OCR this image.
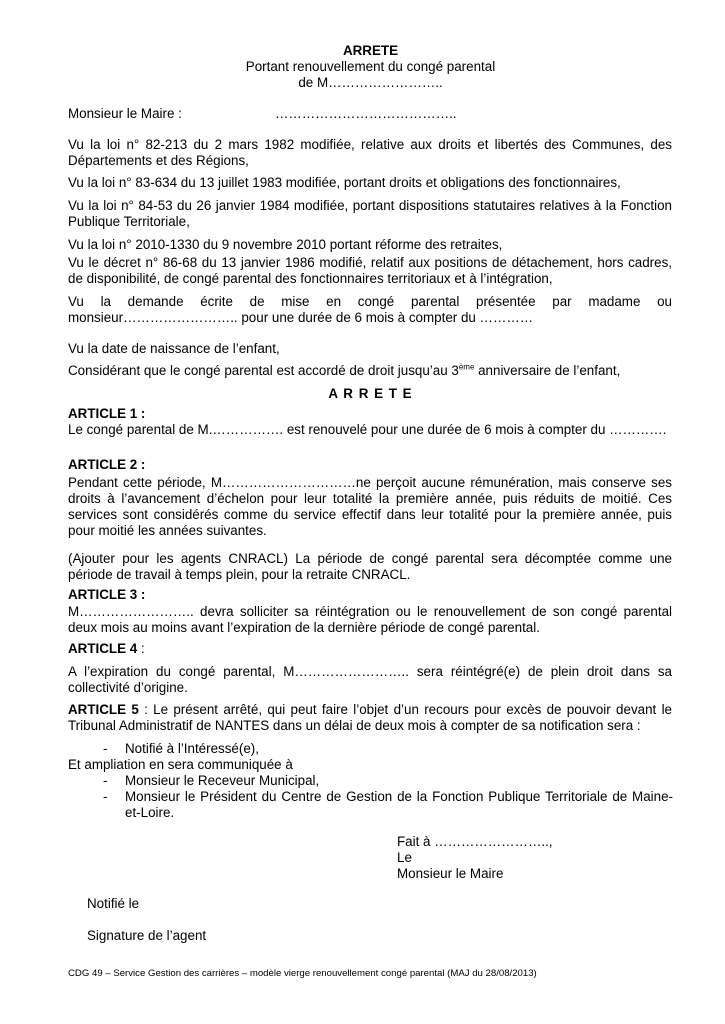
ARRETE
Portant renouvellement du congé parental
de M……………………..
Monsieur le Maire :	…………………………………..
Vu la loi n° 82-213 du 2 mars 1982 modifiée, relative aux droits et libertés des Communes, des Départements et des Régions,
Vu la loi n° 83-634 du 13 juillet 1983 modifiée, portant droits et obligations des fonctionnaires,
Vu la loi n° 84-53 du 26 janvier 1984 modifiée, portant dispositions statutaires relatives à la Fonction Publique Territoriale,
Vu la loi n° 2010-1330 du 9 novembre 2010 portant réforme des retraites,
Vu le décret n° 86-68 du 13 janvier 1986 modifié, relatif aux positions de détachement, hors cadres, de disponibilité, de congé parental des fonctionnaires territoriaux et à l’intégration,
Vu la demande écrite de mise en congé parental présentée par madame ou monsieur…………………….. pour une durée de 6 mois à compter du …………
Vu la date de naissance de l’enfant,
Considérant que le congé parental est accordé de droit jusqu’au 3ème anniversaire de l’enfant,
A R R E T E
ARTICLE 1 :
Le congé parental de M.……………. est renouvelé pour une durée de 6 mois à compter du ………….
ARTICLE 2 :
Pendant cette période, M…………………………ne perçoit aucune rémunération, mais conserve ses droits à l’avancement d’échelon pour leur totalité la première année, puis réduits de moitié. Ces services sont considérés comme du service effectif dans leur totalité pour la première année, puis pour moitié les années suivantes.
(Ajouter pour les agents CNRACL) La période de congé parental sera décomptée comme une période de travail à temps plein, pour la retraite CNRACL.
ARTICLE 3 :
M…………………….. devra solliciter sa réintégration ou le renouvellement de son congé parental deux mois au moins avant l’expiration de la dernière période de congé parental.
ARTICLE 4 :
A l’expiration du congé parental, M…………………….. sera réintégré(e) de plein droit dans sa collectivité d’origine.
ARTICLE 5 : Le présent arrêté, qui peut faire l’objet d’un recours pour excès de pouvoir devant le Tribunal Administratif de NANTES dans un délai de deux mois à compter de sa notification sera :
- Notifié à l’Intéressé(e),
Et ampliation en sera communiquée à
- Monsieur le Receveur Municipal,
- Monsieur le Président du Centre de Gestion de la Fonction Publique Territoriale de Maine-et-Loire.
Fait à ……………………..,
Le
Monsieur le Maire
Notifié le
Signature de l’agent
CDG 49 – Service Gestion des carrières – modèle vierge renouvellement congé parental (MAJ du 28/08/2013)
